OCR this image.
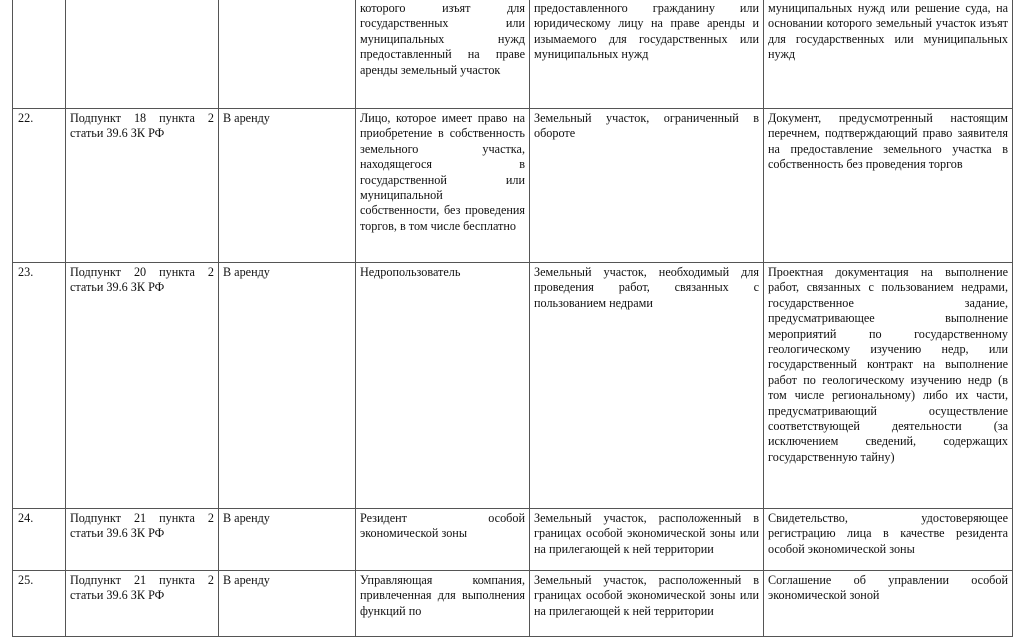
			которого изъят для государственных или муниципальных нужд предоставленный на праве аренды земельный участок	предоставленного гражданину или юридическому лицу на праве аренды и изымаемого для государственных или муниципальных нужд	муниципальных нужд или решение суда, на основании которого земельный участок изъят для государственных или муниципальных нужд
22.	Подпункт 18 пункта 2 статьи 39.6 ЗК РФ	В аренду	Лицо, которое имеет право на приобретение в собственность земельного участка, находящегося в государственной или муниципальной собственности, без проведения торгов, в том числе бесплатно	Земельный участок, ограниченный в обороте	Документ, предусмотренный настоящим перечнем, подтверждающий право заявителя на предоставление земельного участка в собственность без проведения торгов
23.	Подпункт 20 пункта 2 статьи 39.6 ЗК РФ	В аренду	Недропользователь	Земельный участок, необходимый для проведения работ, связанных с пользованием недрами	Проектная документация на выполнение работ, связанных с пользованием недрами, государственное задание, предусматривающее выполнение мероприятий по государственному геологическому изучению недр, или государственный контракт на выполнение работ по геологическому изучению недр (в том числе региональному) либо их части, предусматривающий осуществление соответствующей деятельности (за исключением сведений, содержащих государственную тайну)
24.	Подпункт 21 пункта 2 статьи 39.6 ЗК РФ	В аренду	Резидент особой экономической зоны	Земельный участок, расположенный в границах особой экономической зоны или на прилегающей к ней территории	Свидетельство, удостоверяющее регистрацию лица в качестве резидента особой экономической зоны
25.	Подпункт 21 пункта 2 статьи 39.6 ЗК РФ	В аренду	Управляющая компания, привлеченная для выполнения функций по	Земельный участок, расположенный в границах особой экономической зоны или на прилегающей к ней территории	Соглашение об управлении особой экономической зоной
